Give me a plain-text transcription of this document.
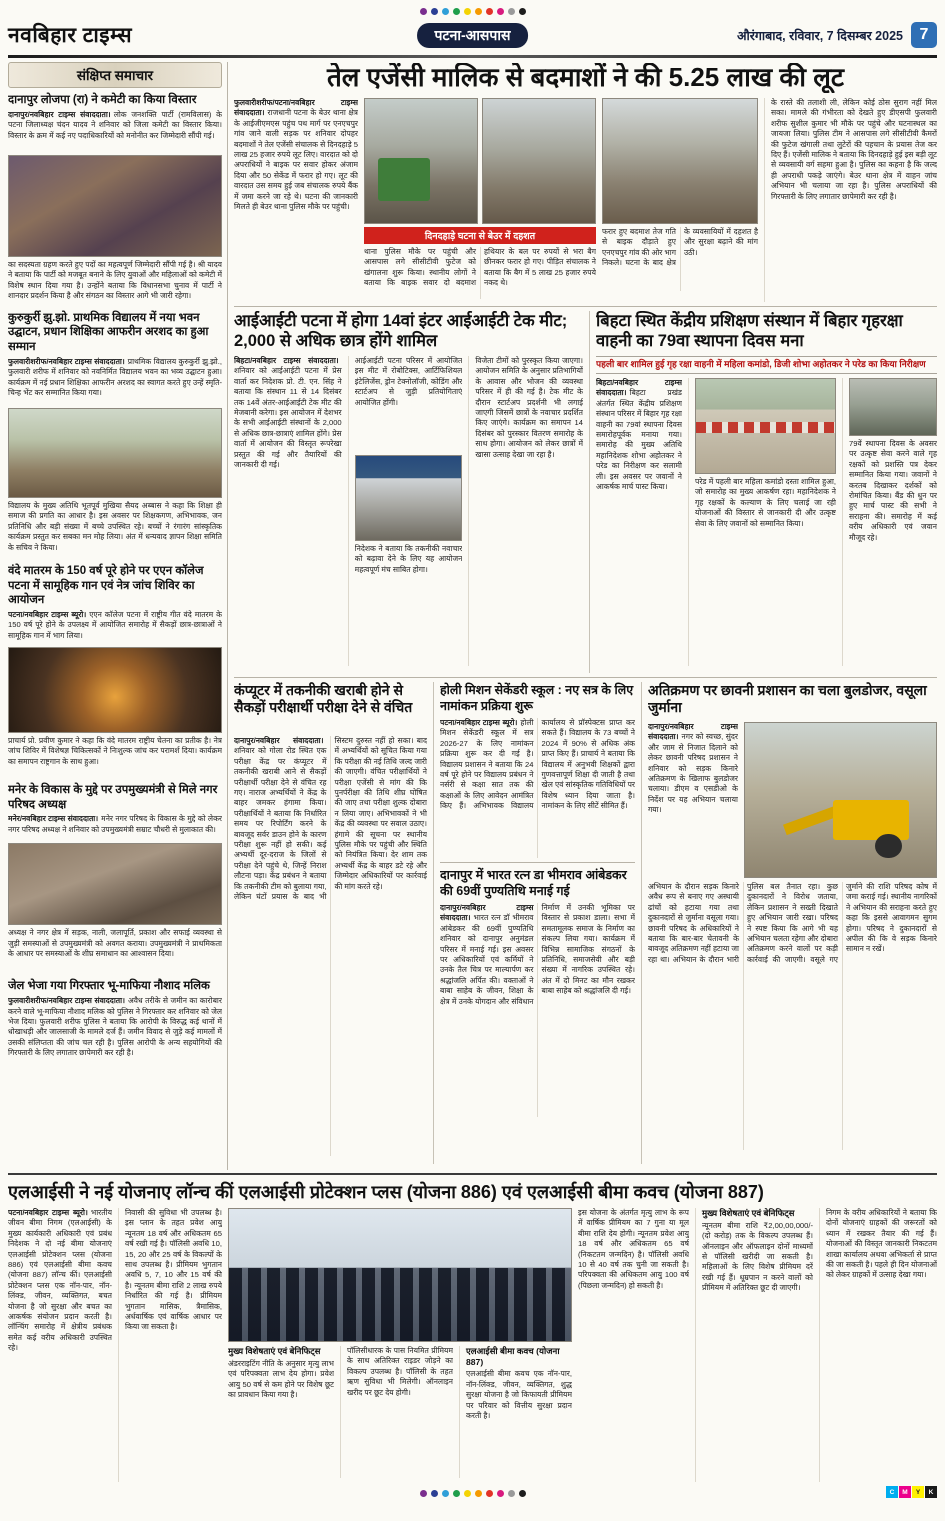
नवबिहार टाइम्स	पटना-आसपास	औरंगाबाद, रविवार, 7 दिसम्बर 2025	7
संक्षिप्त समाचार
दानापुर लोजपा (रा) ने कमेटी का किया विस्तार

दानापुर/नवबिहार टाइम्स संवाददाता। लोक जनशक्ति पार्टी (रामविलास) के पटना जिलाध्यक्ष चंदन यादव ने शनिवार को जिला कमेटी का विस्तार किया। विस्तार के क्रम में कई नए पदाधिकारियों को मनोनीत कर जिम्मेदारी सौंपी गई।

का सदस्यता ग्रहण करते हुए पदों का महत्वपूर्ण जिम्मेदारी सौंपी गई है। श्री यादव ने बताया कि पार्टी को मजबूत बनाने के लिए युवाओं और महिलाओं को कमेटी में विशेष स्थान दिया गया है। उन्होंने बताया कि विधानसभा चुनाव में पार्टी ने शानदार प्रदर्शन किया है और संगठन का विस्तार आगे भी जारी रहेगा।

कुरुकुर्री झु.झो. प्राथमिक विद्यालय में नया भवन उद्घाटन, प्रधान शिक्षिका आफरीन अरशद का हुआ सम्मान

फुलवारीशरीफ/नवबिहार टाइम्स संवाददाता। प्राथमिक विद्यालय कुरुकुर्री झु.झो., फुलवारी शरीफ में शनिवार को नवनिर्मित विद्यालय भवन का भव्य उद्घाटन हुआ। कार्यक्रम में नई प्रधान शिक्षिका आफरीन अरशद का स्वागत करते हुए उन्हें स्मृति-चिन्ह भेंट कर सम्मानित किया गया।

विद्यालय के मुख्य अतिथि भूतपूर्व मुखिया सैयद अब्बास ने कहा कि शिक्षा ही समाज की प्रगति का आधार है। इस अवसर पर शिक्षकगण, अभिभावक, जन प्रतिनिधि और बड़ी संख्या में बच्चे उपस्थित रहे। बच्चों ने रंगारंग सांस्कृतिक कार्यक्रम प्रस्तुत कर सबका मन मोह लिया। अंत में धन्यवाद ज्ञापन शिक्षा समिति के सचिव ने किया।

वंदे मातरम के 150 वर्ष पूरे होने पर एएन कॉलेज पटना में सामूहिक गान एवं नेत्र जांच शिविर का आयोजन

पटना/नवबिहार टाइम्स ब्यूरो। एएन कॉलेज पटना में राष्ट्रीय गीत वंदे मातरम के 150 वर्ष पूरे होने के उपलक्ष्य में आयोजित समारोह में सैकड़ों छात्र-छात्राओं ने सामूहिक गान में भाग लिया।

प्राचार्य प्रो. प्रवीण कुमार ने कहा कि वंदे मातरम राष्ट्रीय चेतना का प्रतीक है। नेत्र जांच शिविर में विशेषज्ञ चिकित्सकों ने निःशुल्क जांच कर परामर्श दिया। कार्यक्रम का समापन राष्ट्रगान के साथ हुआ।

मनेर के विकास के मुद्दे पर उपमुख्यमंत्री से मिले नगर परिषद अध्यक्ष

मनेर/नवबिहार टाइम्स संवाददाता। मनेर नगर परिषद के विकास के मुद्दे को लेकर नगर परिषद अध्यक्ष ने शनिवार को उपमुख्यमंत्री सम्राट चौधरी से मुलाकात की।

अध्यक्ष ने नगर क्षेत्र में सड़क, नाली, जलापूर्ति, प्रकाश और सफाई व्यवस्था से जुड़ी समस्याओं से उपमुख्यमंत्री को अवगत कराया। उपमुख्यमंत्री ने प्राथमिकता के आधार पर समस्याओं के शीघ्र समाधान का आश्वासन दिया।

जेल भेजा गया गिरफ्तार भू-माफिया नौशाद मलिक

फुलवारीशरीफ/नवबिहार टाइम्स संवाददाता। अवैध तरीके से जमीन का कारोबार करने वाले भू-माफिया नौशाद मलिक को पुलिस ने गिरफ्तार कर शनिवार को जेल भेज दिया। फुलवारी शरीफ पुलिस ने बताया कि आरोपी के विरुद्ध कई थानों में धोखाधड़ी और जालसाजी के मामले दर्ज हैं। जमीन विवाद से जुड़े कई मामलों में उसकी संलिप्तता की जांच चल रही है। पुलिस आरोपी के अन्य सहयोगियों की गिरफ्तारी के लिए लगातार छापेमारी कर रही है।

तेल एजेंसी मालिक से बदमाशों ने की 5.25 लाख की लूट

फुलवारीशरीफ/पटना/नवबिहार टाइम्स संवाददाता। राजधानी पटना के बेउर थाना क्षेत्र के आईजीएमएस पहुंच पथ मार्ग पर एनएचपुर गांव जाने वाली सड़क पर शनिवार दोपहर बदमाशों ने तेल एजेंसी संचालक से दिनदहाड़े 5 लाख 25 हजार रुपये लूट लिए। वारदात को दो अपराधियों ने बाइक पर सवार होकर अंजाम दिया और 50 सेकेंड में फरार हो गए। लूट की वारदात उस समय हुई जब संचालक रुपये बैंक में जमा करने जा रहे थे। घटना की जानकारी मिलते ही बेउर थाना पुलिस मौके पर पहुंची।

दिनदहाड़े घटना से बेउर में दहशत

थाना पुलिस मौके पर पहुंची और आसपास लगे सीसीटीवी फुटेज को खंगालना शुरू किया। स्थानीय लोगों ने बताया कि बाइक सवार दो बदमाश हथियार के बल पर रुपयों से भरा बैग छीनकर फरार हो गए। पीड़ित संचालक ने बताया कि बैग में 5 लाख 25 हजार रुपये नकद थे।

फरार हुए बदमाश तेज गति से बाइक दौड़ाते हुए एनएचपुर गांव की ओर भाग निकले। घटना के बाद क्षेत्र के व्यवसायियों में दहशत है और सुरक्षा बढ़ाने की मांग उठी।

के रास्ते की तलाशी ली, लेकिन कोई ठोस सुराग नहीं मिल सका। मामले की गंभीरता को देखते हुए डीएसपी फुलवारी शरीफ सुशील कुमार भी मौके पर पहुंचे और घटनास्थल का जायजा लिया। पुलिस टीम ने आसपास लगे सीसीटीवी कैमरों की फुटेज खंगाली तथा लुटेरों की पहचान के प्रयास तेज कर दिए हैं। एजेंसी मालिक ने बताया कि दिनदहाड़े हुई इस बड़ी लूट से व्यवसायी वर्ग सहमा हुआ है। पुलिस का कहना है कि जल्द ही अपराधी पकड़े जाएंगे। बेउर थाना क्षेत्र में वाहन जांच अभियान भी चलाया जा रहा है। पुलिस अपराधियों की गिरफ्तारी के लिए लगातार छापेमारी कर रही है।

आईआईटी पटना में होगा 14वां इंटर आईआईटी टेक मीट; 2,000 से अधिक छात्र होंगे शामिल

बिहटा/नवबिहार टाइम्स संवाददाता।शनिवार को आईआईटी पटना में प्रेस वार्ता कर निदेशक प्रो. टी. एन. सिंह ने बताया कि संस्थान 11 से 14 दिसंबर तक 14वें अंतर-आईआईटी टेक मीट की मेजबानी करेगा। इस आयोजन में देशभर के सभी आईआईटी संस्थानों के 2,000 से अधिक छात्र-छात्राएं शामिल होंगे। प्रेस वार्ता में आयोजन की विस्तृत रूपरेखा प्रस्तुत की गई और तैयारियों की जानकारी दी गई।

आईआईटी पटना परिसर में आयोजित इस मीट में रोबोटिक्स, आर्टिफिशियल इंटेलिजेंस, ड्रोन टेक्नोलॉजी, कोडिंग और स्टार्टअप से जुड़ी प्रतियोगिताएं आयोजित होंगी।

निदेशक ने बताया कि तकनीकी नवाचार को बढ़ावा देने के लिए यह आयोजन महत्वपूर्ण मंच साबित होगा।

विजेता टीमों को पुरस्कृत किया जाएगा। आयोजन समिति के अनुसार प्रतिभागियों के आवास और भोजन की व्यवस्था परिसर में ही की गई है। टेक मीट के दौरान स्टार्टअप प्रदर्शनी भी लगाई जाएगी जिसमें छात्रों के नवाचार प्रदर्शित किए जाएंगे। कार्यक्रम का समापन 14 दिसंबर को पुरस्कार वितरण समारोह के साथ होगा। आयोजन को लेकर छात्रों में खासा उत्साह देखा जा रहा है।

बिहटा स्थित केंद्रीय प्रशिक्षण संस्थान में बिहार गृहरक्षा वाहनी का 79वा स्थापना दिवस मना
पहली बार शामिल हुई गृह रक्षा वाहनी में महिला कमांडो, डिजी शोभा अहोतकर ने परेड का किया निरीक्षण

बिहटा/नवबिहार टाइम्स संवाददाता। बिहटा प्रखंड अंतर्गत स्थित केंद्रीय प्रशिक्षण संस्थान परिसर में बिहार गृह रक्षा वाहनी का 79वां स्थापना दिवस समारोहपूर्वक मनाया गया। समारोह की मुख्य अतिथि महानिदेशक शोभा अहोतकर ने परेड का निरीक्षण कर सलामी ली। इस अवसर पर जवानों ने आकर्षक मार्च पास्ट किया।

परेड में पहली बार महिला कमांडो दस्ता शामिल हुआ, जो समारोह का मुख्य आकर्षण रहा। महानिदेशक ने गृह रक्षकों के कल्याण के लिए चलाई जा रही योजनाओं की विस्तार से जानकारी दी और उत्कृष्ट सेवा के लिए जवानों को सम्मानित किया।

79वें स्थापना दिवस के अवसर पर उत्कृष्ट सेवा करने वाले गृह रक्षकों को प्रशस्ति पत्र देकर सम्मानित किया गया। जवानों ने करतब दिखाकर दर्शकों को रोमांचित किया। बैंड की धुन पर हुए मार्च पास्ट की सभी ने सराहना की। समारोह में कई वरीय अधिकारी एवं जवान मौजूद रहे।

कंप्यूटर में तकनीकी खराबी होने से सैकड़ों परीक्षार्थी परीक्षा देने से वंचित

दानापुर/नवबिहार संवाददाता।शनिवार को गोला रोड स्थित एक परीक्षा केंद्र पर कंप्यूटर में तकनीकी खराबी आने से सैकड़ों परीक्षार्थी परीक्षा देने से वंचित रह गए। नाराज अभ्यर्थियों ने केंद्र के बाहर जमकर हंगामा किया। परीक्षार्थियों ने बताया कि निर्धारित समय पर रिपोर्टिंग करने के बावजूद सर्वर डाउन होने के कारण परीक्षा शुरू नहीं हो सकी। कई अभ्यर्थी दूर-दराज के जिलों से परीक्षा देने पहुंचे थे, जिन्हें निराश लौटना पड़ा। केंद्र प्रबंधन ने बताया कि तकनीकी टीम को बुलाया गया, लेकिन घंटों प्रयास के बाद भी सिस्टम दुरुस्त नहीं हो सका। बाद में अभ्यर्थियों को सूचित किया गया कि परीक्षा की नई तिथि जल्द जारी की जाएगी। वंचित परीक्षार्थियों ने परीक्षा एजेंसी से मांग की कि पुनर्परीक्षा की तिथि शीघ्र घोषित की जाए तथा परीक्षा शुल्क दोबारा न लिया जाए। अभिभावकों ने भी केंद्र की व्यवस्था पर सवाल उठाए। हंगामे की सूचना पर स्थानीय पुलिस मौके पर पहुंची और स्थिति को नियंत्रित किया। देर शाम तक अभ्यर्थी केंद्र के बाहर डटे रहे और जिम्मेदार अधिकारियों पर कार्रवाई की मांग करते रहे।

होली मिशन सेकेंडरी स्कूल : नए सत्र के लिए नामांकन प्रक्रिया शुरू

पटना/नवबिहार टाइम्स ब्यूरो। होली मिशन सेकेंडरी स्कूल में सत्र 2026-27 के लिए नामांकन प्रक्रिया शुरू कर दी गई है। विद्यालय प्रशासन ने बताया कि 24 वर्ष पूरे होने पर विद्यालय प्रबंधन ने नर्सरी से कक्षा सात तक की कक्षाओं के लिए आवेदन आमंत्रित किए हैं। अभिभावक विद्यालय कार्यालय से प्रॉस्पेक्टस प्राप्त कर सकते हैं। विद्यालय के 73 बच्चों ने 2024 में 90% से अधिक अंक प्राप्त किए हैं। प्राचार्य ने बताया कि विद्यालय में अनुभवी शिक्षकों द्वारा गुणवत्तापूर्ण शिक्षा दी जाती है तथा खेल एवं सांस्कृतिक गतिविधियों पर विशेष ध्यान दिया जाता है। नामांकन के लिए सीटें सीमित हैं।

दानापुर में भारत रत्न डा भीमराव आंबेडकर की 69वीं पुण्यतिथि मनाई गई

दानापुर/नवबिहार टाइम्स संवाददाता। भारत रत्न डॉ भीमराव आंबेडकर की 69वीं पुण्यतिथि शनिवार को दानापुर अनुमंडल परिसर में मनाई गई। इस अवसर पर अधिकारियों एवं कर्मियों ने उनके तैल चित्र पर माल्यार्पण कर श्रद्धांजलि अर्पित की। वक्ताओं ने बाबा साहेब के जीवन, शिक्षा के क्षेत्र में उनके योगदान और संविधान निर्माण में उनकी भूमिका पर विस्तार से प्रकाश डाला। सभा में समतामूलक समाज के निर्माण का संकल्प लिया गया। कार्यक्रम में विभिन्न सामाजिक संगठनों के प्रतिनिधि, समाजसेवी और बड़ी संख्या में नागरिक उपस्थित रहे। अंत में दो मिनट का मौन रखकर बाबा साहेब को श्रद्धांजलि दी गई।

अतिक्रमण पर छावनी प्रशासन का चला बुलडोजर, वसूला जुर्माना

दानापुर/नवबिहार टाइम्स संवाददाता। नगर को स्वच्छ, सुंदर और जाम से निजात दिलाने को लेकर छावनी परिषद प्रशासन ने शनिवार को सड़क किनारे अतिक्रमण के खिलाफ बुलडोजर चलाया। डीएम व एसडीओ के निर्देश पर यह अभियान चलाया गया।

अभियान के दौरान सड़क किनारे अवैध रूप से बनाए गए अस्थायी ढांचों को हटाया गया तथा दुकानदारों से जुर्माना वसूला गया। छावनी परिषद के अधिकारियों ने बताया कि बार-बार चेतावनी के बावजूद अतिक्रमण नहीं हटाया जा रहा था। अभियान के दौरान भारी पुलिस बल तैनात रहा। कुछ दुकानदारों ने विरोध जताया, लेकिन प्रशासन ने सख्ती दिखाते हुए अभियान जारी रखा। परिषद ने स्पष्ट किया कि आगे भी यह अभियान चलता रहेगा और दोबारा अतिक्रमण करने वालों पर कड़ी कार्रवाई की जाएगी। वसूले गए जुर्माने की राशि परिषद कोष में जमा कराई गई। स्थानीय नागरिकों ने अभियान की सराहना करते हुए कहा कि इससे आवागमन सुगम होगा। परिषद ने दुकानदारों से अपील की कि वे सड़क किनारे सामान न रखें।

एलआईसी ने नई योजनाए लॉन्च कीं एलआईसी प्रोटेक्शन प्लस (योजना 886) एवं एलआईसी बीमा कवच (योजना 887)

पटना/नवबिहार टाइम्स ब्यूरो। भारतीय जीवन बीमा निगम (एलआईसी) के मुख्य कार्यकारी अधिकारी एवं प्रबंध निदेशक ने दो नई बीमा योजनाएं एलआईसी प्रोटेक्शन प्लस (योजना 886) एवं एलआईसी बीमा कवच (योजना 887) लॉन्च कीं। एलआईसी प्रोटेक्शन प्लस एक नॉन-पार, नॉन-लिंक्ड, जीवन, व्यक्तिगत, बचत योजना है जो सुरक्षा और बचत का आकर्षक संयोजन प्रदान करती है। लॉन्चिंग समारोह में क्षेत्रीय प्रबंधक समेत कई वरीय अधिकारी उपस्थित रहे।

निवासी की सुविधा भी उपलब्ध है। इस प्लान के तहत प्रवेश आयु न्यूनतम 18 वर्ष और अधिकतम 65 वर्ष रखी गई है। पॉलिसी अवधि 10, 15, 20 और 25 वर्ष के विकल्पों के साथ उपलब्ध है। प्रीमियम भुगतान अवधि 5, 7, 10 और 15 वर्ष की है। न्यूनतम बीमा राशि 2 लाख रुपये निर्धारित की गई है। प्रीमियम भुगतान मासिक, त्रैमासिक, अर्धवार्षिक एवं वार्षिक आधार पर किया जा सकता है।

मुख्य विशेषताएं एवं बेनिफिट्स

अंडरराइटिंग नीति के अनुसार मृत्यु लाभ एवं परिपक्वता लाभ देय होगा। प्रवेश आयु 50 वर्ष से कम होने पर विशेष छूट का प्रावधान किया गया है।

पॉलिसीधारक के पास नियमित प्रीमियम के साथ अतिरिक्त राइडर जोड़ने का विकल्प उपलब्ध है। पॉलिसी के तहत ऋण सुविधा भी मिलेगी। ऑनलाइन खरीद पर छूट देय होगी।

एलआईसी बीमा कवच (योजना 887)

एलआईसी बीमा कवच एक नॉन-पार, नॉन-लिंक्ड, जीवन, व्यक्तिगत, शुद्ध सुरक्षा योजना है जो किफायती प्रीमियम पर परिवार को वित्तीय सुरक्षा प्रदान करती है।

इस योजना के अंतर्गत मृत्यु लाभ के रूप में वार्षिक प्रीमियम का 7 गुना या मूल बीमा राशि देय होगी। न्यूनतम प्रवेश आयु 18 वर्ष और अधिकतम 65 वर्ष (निकटतम जन्मदिन) है। पॉलिसी अवधि 10 से 40 वर्ष तक चुनी जा सकती है। परिपक्वता की अधिकतम आयु 100 वर्ष (पिछला जन्मदिन) हो सकती है।

मुख्य विशेषताएं एवं बेनिफिट्स

न्यूनतम बीमा राशि ₹2,00,00,000/- (दो करोड़) तक के विकल्प उपलब्ध हैं। ऑनलाइन और ऑफलाइन दोनों माध्यमों से पॉलिसी खरीदी जा सकती है। महिलाओं के लिए विशेष प्रीमियम दरें रखी गई हैं। धूम्रपान न करने वालों को प्रीमियम में अतिरिक्त छूट दी जाएगी।

निगम के वरीय अधिकारियों ने बताया कि दोनों योजनाएं ग्राहकों की जरूरतों को ध्यान में रखकर तैयार की गई हैं। योजनाओं की विस्तृत जानकारी निकटतम शाखा कार्यालय अथवा अभिकर्ता से प्राप्त की जा सकती है। पहले ही दिन योजनाओं को लेकर ग्राहकों में उत्साह देखा गया।

C	M	Y	K
